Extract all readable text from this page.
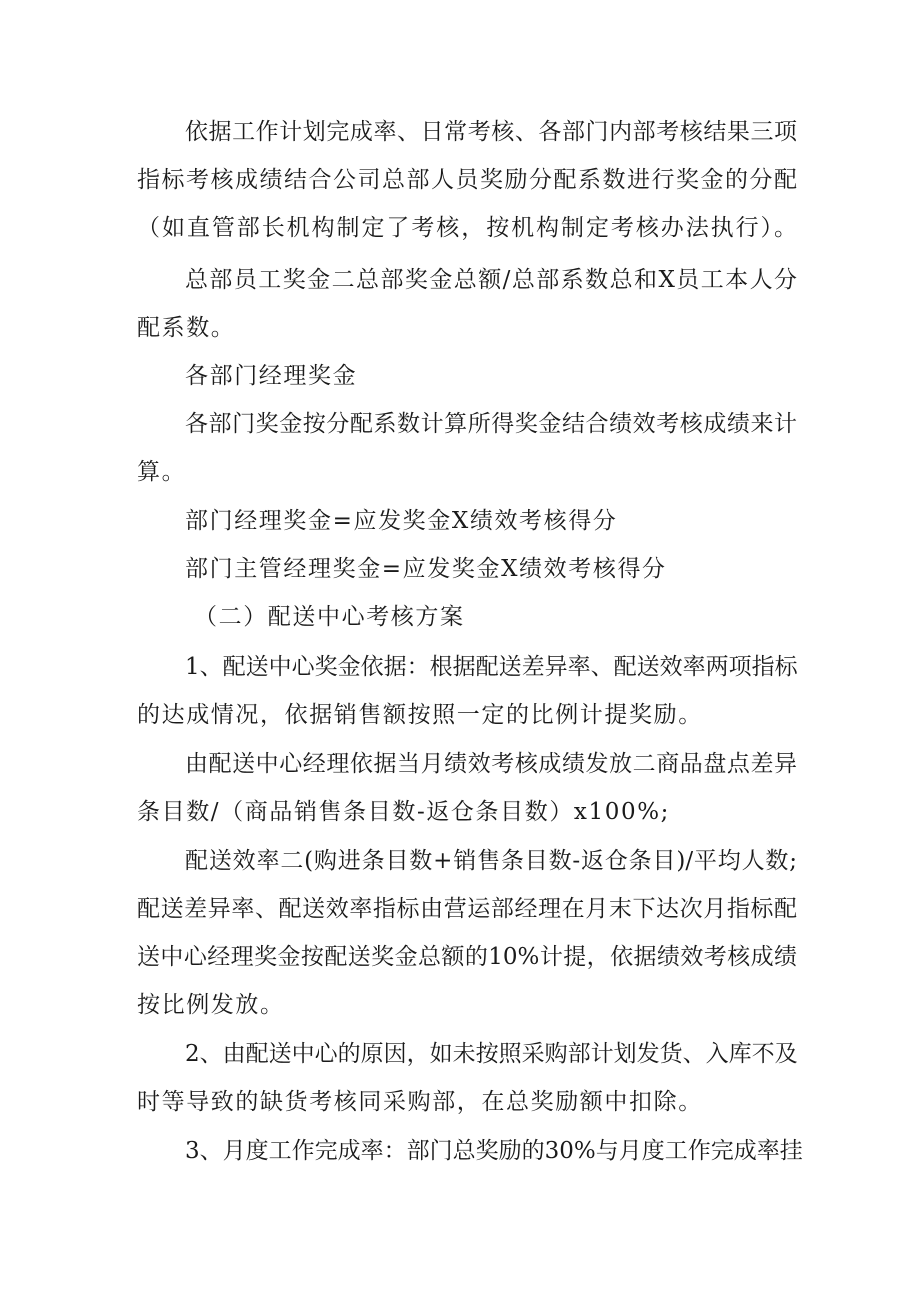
依据工作计划完成率、日常考核、各部门内部考核结果三项
指标考核成绩结合公司总部人员奖励分配系数进行奖金的分配
（如直管部长机构制定了考核，按机构制定考核办法执行）。
总部员工奖金二总部奖金总额/总部系数总和X员工本人分
配系数。
各部门经理奖金
各部门奖金按分配系数计算所得奖金结合绩效考核成绩来计
算。
部门经理奖金=应发奖金X绩效考核得分
部门主管经理奖金=应发奖金X绩效考核得分
（二）配送中心考核方案
1、配送中心奖金依据：根据配送差异率、配送效率两项指标
的达成情况，依据销售额按照一定的比例计提奖励。
由配送中心经理依据当月绩效考核成绩发放二商品盘点差异
条目数/（商品销售条目数-返仓条目数）x100%;
配送效率二(购进条目数+销售条目数-返仓条目)/平均人数;
配送差异率、配送效率指标由营运部经理在月末下达次月指标配
送中心经理奖金按配送奖金总额的10%计提，依据绩效考核成绩
按比例发放。
2、由配送中心的原因，如未按照采购部计划发货、入库不及
时等导致的缺货考核同采购部，在总奖励额中扣除。
3、月度工作完成率：部门总奖励的30%与月度工作完成率挂
